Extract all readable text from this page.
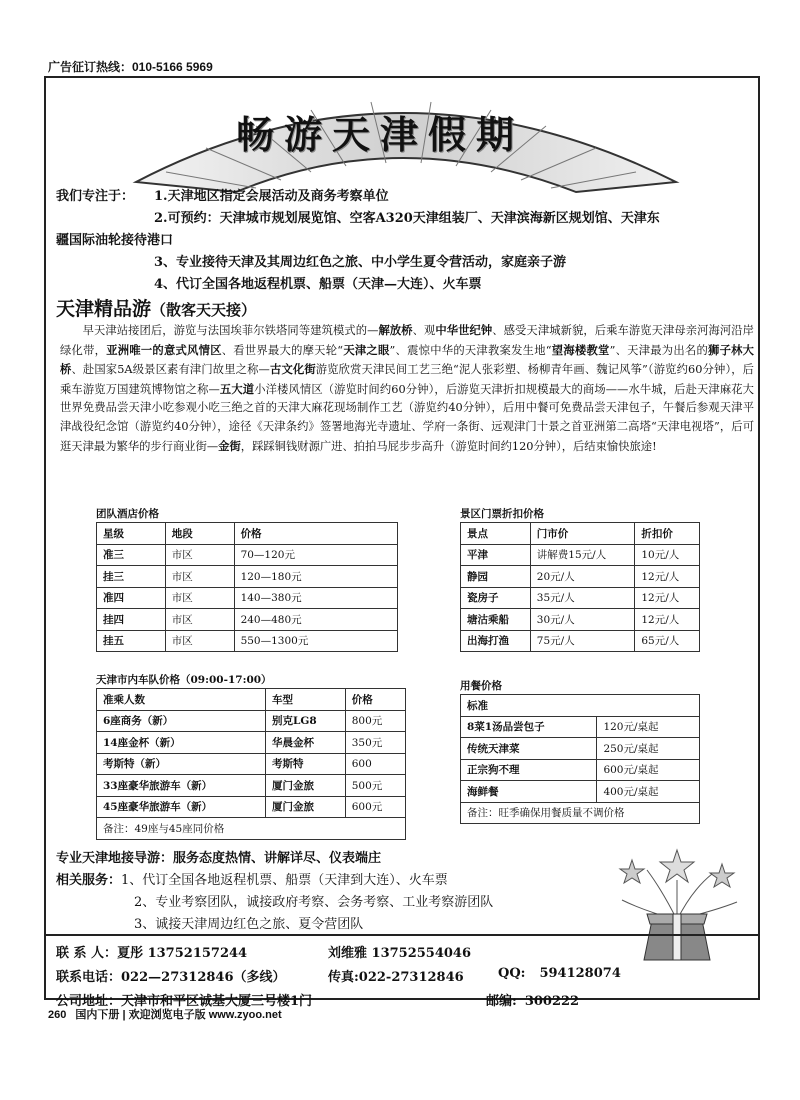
广告征订热线：010-5166 5969
畅游天津假期
我们专注于： 1.天津地区指定会展活动及商务考察单位
2.可预约：天津城市规划展览馆、空客A320天津组装厂、天津滨海新区规划馆、天津东
疆国际油轮接待港口
3、专业接待天津及其周边红色之旅、中小学生夏令营活动，家庭亲子游
4、代订全国各地返程机票、船票（天津—大连）、火车票
天津精品游（散客天天接）
早天津站接团后，游览与法国埃菲尔铁塔同等建筑模式的—解放桥、观中华世纪钟、感受天津城新貌，后乘车游览天津母亲河海河沿岸绿化带，亚洲唯一的意式风情区、看世界最大的摩天轮“天津之眼”、震惊中华的天津教案发生地“望海楼教堂”、天津最为出名的狮子林大桥、赴国家5A级景区素有津门故里之称—古文化街游览欣赏天津民间工艺三绝“泥人张彩塑、杨柳青年画、魏记风筝”（游览约60分钟），后乘车游览万国建筑博物馆之称—五大道小洋楼风情区（游览时间约60分钟），后游览天津折扣规模最大的商场——水牛城，后赴天津麻花大世界免费品尝天津小吃参观小吃三绝之首的天津大麻花现场制作工艺（游览约40分钟），后用中餐可免费品尝天津包子，午餐后参观天津平津战役纪念馆（游览约40分钟），途径《天津条约》签署地海光寺遗址、学府一条街、远观津门十景之首亚洲第二高塔“天津电视塔”，后可逛天津最为繁华的步行商业街—金街，踩踩铜钱财源广进、拍拍马屁步步高升（游览时间约120分钟），后结束愉快旅途!
团队酒店价格
星级	地段	价格
准三	市区	70—120元
挂三	市区	120—180元
准四	市区	140—380元
挂四	市区	240—480元
挂五	市区	550—1300元
景区门票折扣价格
景点	门市价	折扣价
平津	讲解费15元/人	10元/人
静园	20元/人	12元/人
瓷房子	35元/人	12元/人
塘沽乘船	30元/人	12元/人
出海打渔	75元/人	65元/人
天津市内车队价格（09:00-17:00）
准乘人数	车型	价格
6座商务（新）	别克LG8	800元
14座金杯（新）	华晨金杯	350元
考斯特（新）	考斯特	600
33座豪华旅游车（新）	厦门金旅	500元
45座豪华旅游车（新）	厦门金旅	600元
备注：49座与45座同价格		
用餐价格
标准	
8菜1汤品尝包子	120元/桌起
传统天津菜	250元/桌起
正宗狗不理	600元/桌起
海鲜餐	400元/桌起
备注：旺季确保用餐质量不调价格	
专业天津地接导游：服务态度热情、讲解详尽、仪表端庄
相关服务：1、代订全国各地返程机票、船票（天津到大连）、火车票
2、专业考察团队，诚接政府考察、会务考察、工业考察游团队
3、诚接天津周边红色之旅、夏令营团队
联 系 人：夏彤 13752157244	刘维雅 13752554046
联系电话：022—27312846（多线）	传真:022-27312846	QQ: 594128074
公司地址：天津市和平区诚基大厦三号楼1门	邮编: 300222
260 国内下册 | 欢迎浏览电子版 www.zyoo.net
